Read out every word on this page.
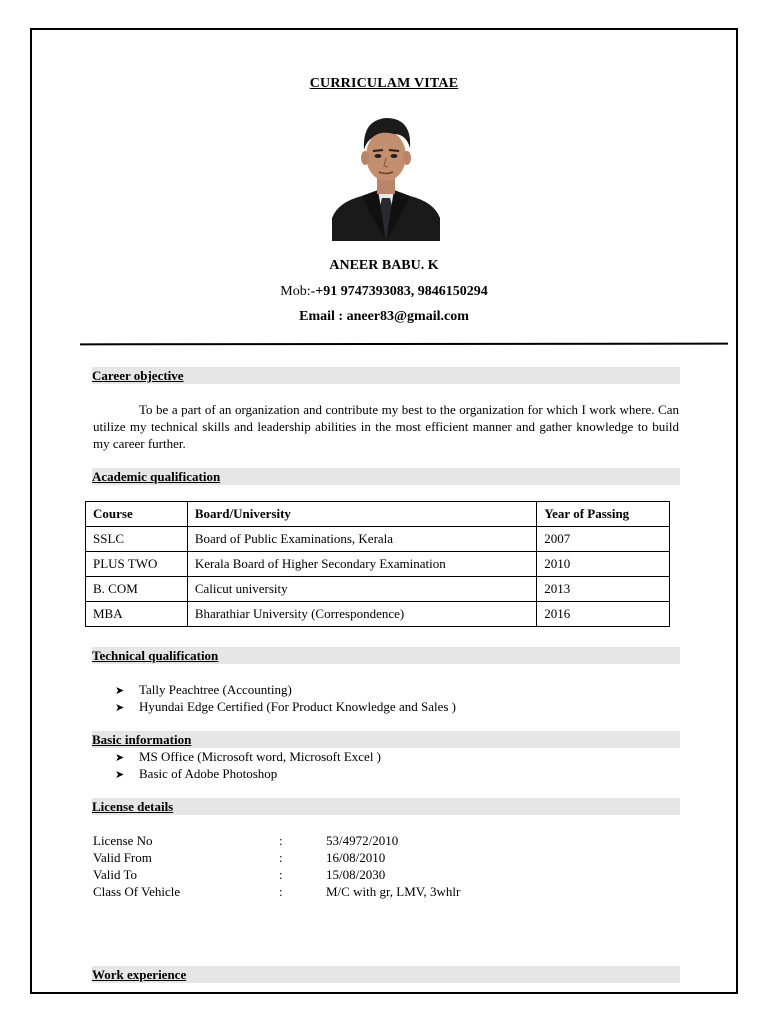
CURRICULAM VITAE
ANEER BABU. K
Mob:-+91 9747393083, 9846150294
Email : aneer83@gmail.com
Career objective
To be a part of an organization and contribute my best to the organization for which I work where. Can utilize my technical skills and leadership abilities in the most efficient manner and gather knowledge to build my career further.
Academic qualification
Course	Board/University	Year of Passing
SSLC	Board of Public Examinations, Kerala	2007
PLUS TWO	Kerala Board of Higher Secondary Examination	2010
B. COM	Calicut university	2013
MBA	Bharathiar University (Correspondence)	2016
Technical qualification
➤ Tally Peachtree (Accounting)
➤ Hyundai Edge Certified (For Product Knowledge and Sales )
Basic information
➤ MS Office (Microsoft word, Microsoft Excel )
➤ Basic of Adobe Photoshop
License details
License No	:	53/4972/2010
Valid From	:	16/08/2010
Valid To	:	15/08/2030
Class Of Vehicle	:	M/C with gr, LMV, 3whlr
Work experience
